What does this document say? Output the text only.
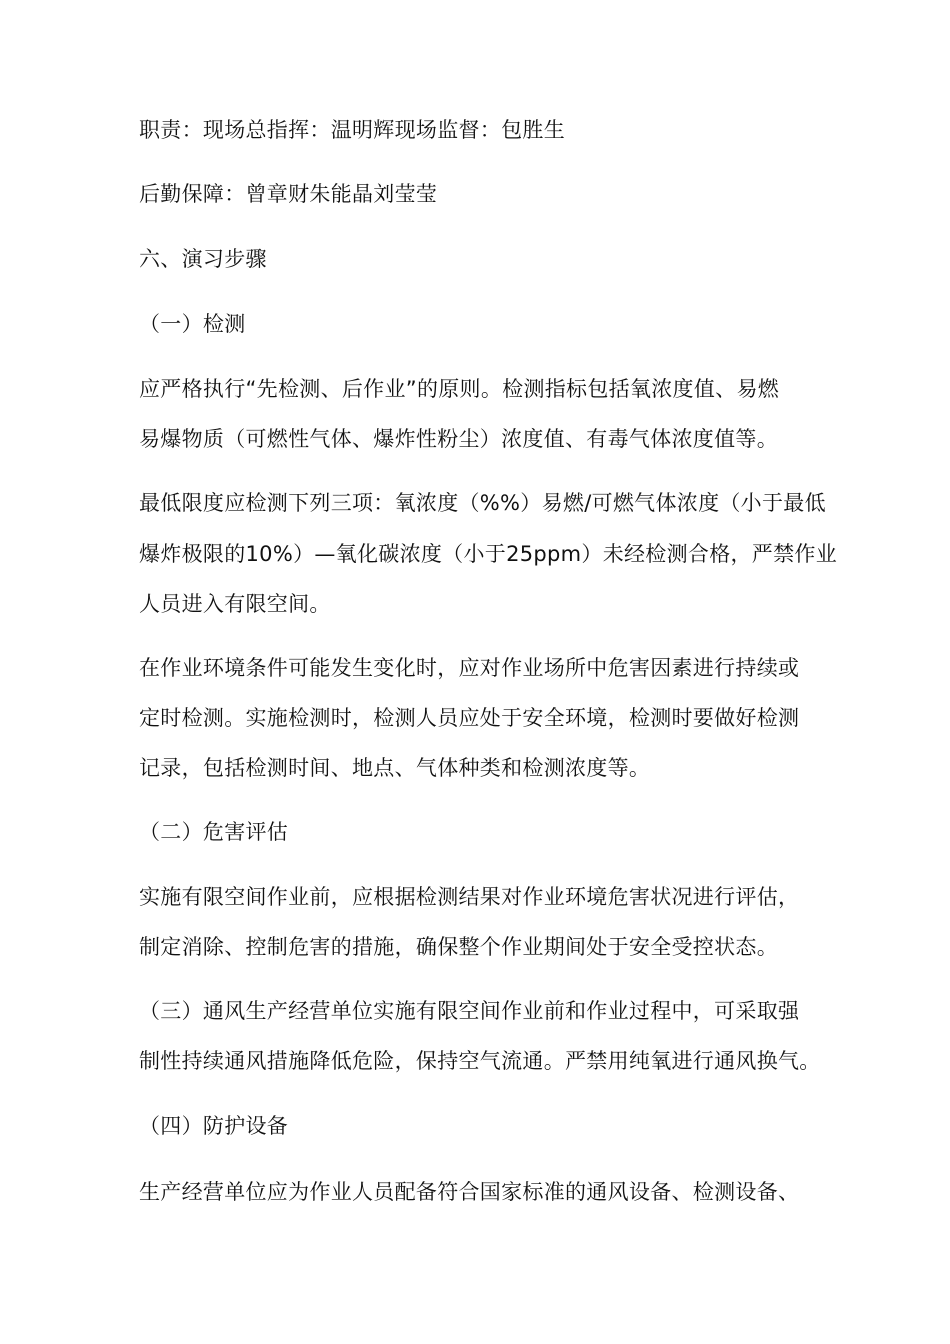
职责：现场总指挥：温明辉现场监督：包胜生
后勤保障：曾章财朱能晶刘莹莹
六、演习步骤
（一）检测
应严格执行“先检测、后作业”的原则。检测指标包括氧浓度值、易燃
易爆物质（可燃性气体、爆炸性粉尘）浓度值、有毒气体浓度值等。
最低限度应检测下列三项：氧浓度（%%）易燃/可燃气体浓度（小于最低
爆炸极限的10%）—氧化碳浓度（小于25ppm）未经检测合格，严禁作业
人员进入有限空间。
在作业环境条件可能发生变化时，应对作业场所中危害因素进行持续或
定时检测。实施检测时，检测人员应处于安全环境，检测时要做好检测
记录，包括检测时间、地点、气体种类和检测浓度等。
（二）危害评估
实施有限空间作业前，应根据检测结果对作业环境危害状况进行评估，
制定消除、控制危害的措施，确保整个作业期间处于安全受控状态。
（三）通风生产经营单位实施有限空间作业前和作业过程中，可采取强
制性持续通风措施降低危险，保持空气流通。严禁用纯氧进行通风换气。
（四）防护设备
生产经营单位应为作业人员配备符合国家标准的通风设备、检测设备、
